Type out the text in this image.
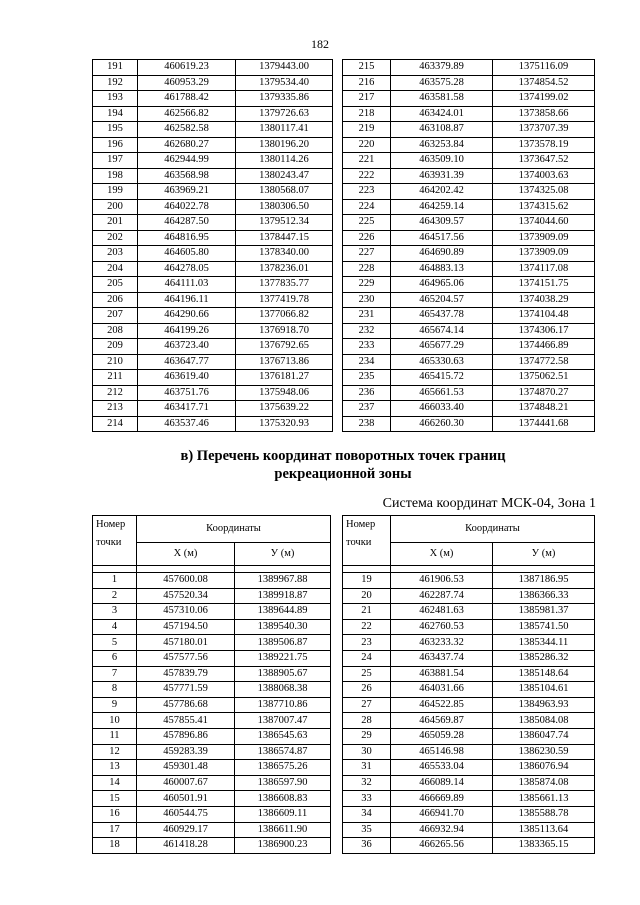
182
191	460619.23	1379443.00
192	460953.29	1379534.40
193	461788.42	1379335.86
194	462566.82	1379726.63
195	462582.58	1380117.41
196	462680.27	1380196.20
197	462944.99	1380114.26
198	463568.98	1380243.47
199	463969.21	1380568.07
200	464022.78	1380306.50
201	464287.50	1379512.34
202	464816.95	1378447.15
203	464605.80	1378340.00
204	464278.05	1378236.01
205	464111.03	1377835.77
206	464196.11	1377419.78
207	464290.66	1377066.82
208	464199.26	1376918.70
209	463723.40	1376792.65
210	463647.77	1376713.86
211	463619.40	1376181.27
212	463751.76	1375948.06
213	463417.71	1375639.22
214	463537.46	1375320.93
215	463379.89	1375116.09
216	463575.28	1374854.52
217	463581.58	1374199.02
218	463424.01	1373858.66
219	463108.87	1373707.39
220	463253.84	1373578.19
221	463509.10	1373647.52
222	463931.39	1374003.63
223	464202.42	1374325.08
224	464259.14	1374315.62
225	464309.57	1374044.60
226	464517.56	1373909.09
227	464690.89	1373909.09
228	464883.13	1374117.08
229	464965.06	1374151.75
230	465204.57	1374038.29
231	465437.78	1374104.48
232	465674.14	1374306.17
233	465677.29	1374466.89
234	465330.63	1374772.58
235	465415.72	1375062.51
236	465661.53	1374870.27
237	466033.40	1374848.21
238	466260.30	1374441.68
в) Перечень координат поворотных точек границ
рекреационной зоны
Система координат МСК-04, Зона 1
Номер
точки	Координаты	
	X (м)	У (м)

1	457600.08	1389967.88
2	457520.34	1389918.87
3	457310.06	1389644.89
4	457194.50	1389540.30
5	457180.01	1389506.87
6	457577.56	1389221.75
7	457839.79	1388905.67
8	457771.59	1388068.38
9	457786.68	1387710.86
10	457855.41	1387007.47
11	457896.86	1386545.63
12	459283.39	1386574.87
13	459301.48	1386575.26
14	460007.67	1386597.90
15	460501.91	1386608.83
16	460544.75	1386609.11
17	460929.17	1386611.90
18	461418.28	1386900.23
Номер
точки	Координаты	
	X (м)	У (м)

19	461906.53	1387186.95
20	462287.74	1386366.33
21	462481.63	1385981.37
22	462760.53	1385741.50
23	463233.32	1385344.11
24	463437.74	1385286.32
25	463881.54	1385148.64
26	464031.66	1385104.61
27	464522.85	1384963.93
28	464569.87	1385084.08
29	465059.28	1386047.74
30	465146.98	1386230.59
31	465533.04	1386076.94
32	466089.14	1385874.08
33	466669.89	1385661.13
34	466941.70	1385588.78
35	466932.94	1385113.64
36	466265.56	1383365.15
